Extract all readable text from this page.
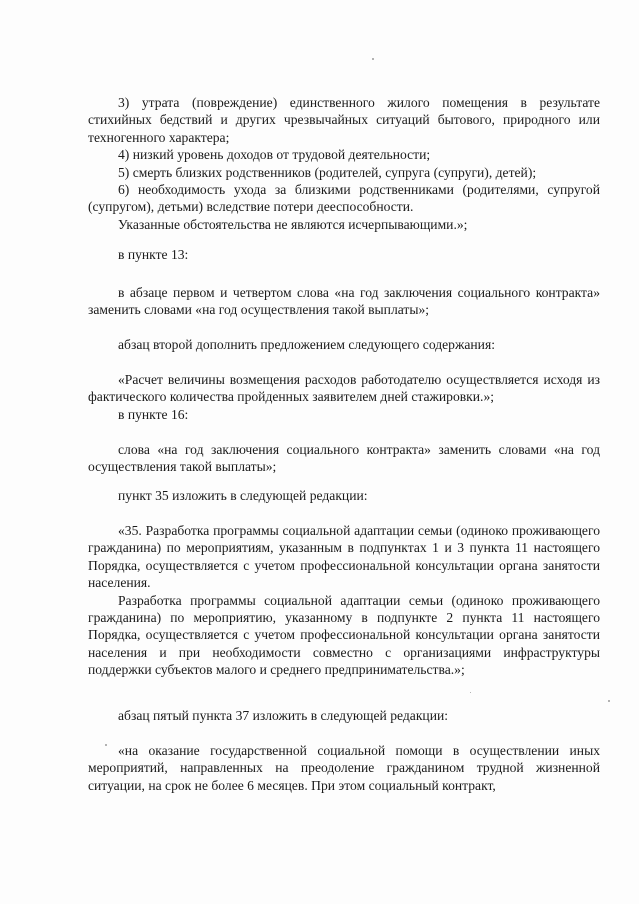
3) утрата (повреждение) единственного жилого помещения в результате стихийных бедствий и других чрезвычайных ситуаций бытового, природного или техногенного характера;

4) низкий уровень доходов от трудовой деятельности;

5) смерть близких родственников (родителей, супруга (супруги), детей);

6) необходимость ухода за близкими родственниками (родителями, супругой (супругом), детьми) вследствие потери дееспособности.

Указанные обстоятельства не являются исчерпывающими.»;

в пункте 13:

в абзаце первом и четвертом слова «на год заключения социального контракта» заменить словами «на год осуществления такой выплаты»;

абзац второй дополнить предложением следующего содержания:

«Расчет величины возмещения расходов работодателю осуществляется исходя из фактического количества пройденных заявителем дней стажировки.»;

в пункте 16:

слова «на год заключения социального контракта» заменить словами «на год осуществления такой выплаты»;

пункт 35 изложить в следующей редакции:

«35. Разработка программы социальной адаптации семьи (одиноко проживающего гражданина) по мероприятиям, указанным в подпунктах 1 и 3 пункта 11 настоящего Порядка, осуществляется с учетом профессиональной консультации органа занятости населения.

Разработка программы социальной адаптации семьи (одиноко проживающего гражданина) по мероприятию, указанному в подпункте 2 пункта 11 настоящего Порядка, осуществляется с учетом профессиональной консультации органа занятости населения и при необходимости совместно с организациями инфраструктуры поддержки субъектов малого и среднего предпринимательства.»;

абзац пятый пункта 37 изложить в следующей редакции:

«на оказание государственной социальной помощи в осуществлении иных мероприятий, направленных на преодоление гражданином трудной жизненной ситуации, на срок не более 6 месяцев. При этом социальный контракт,
